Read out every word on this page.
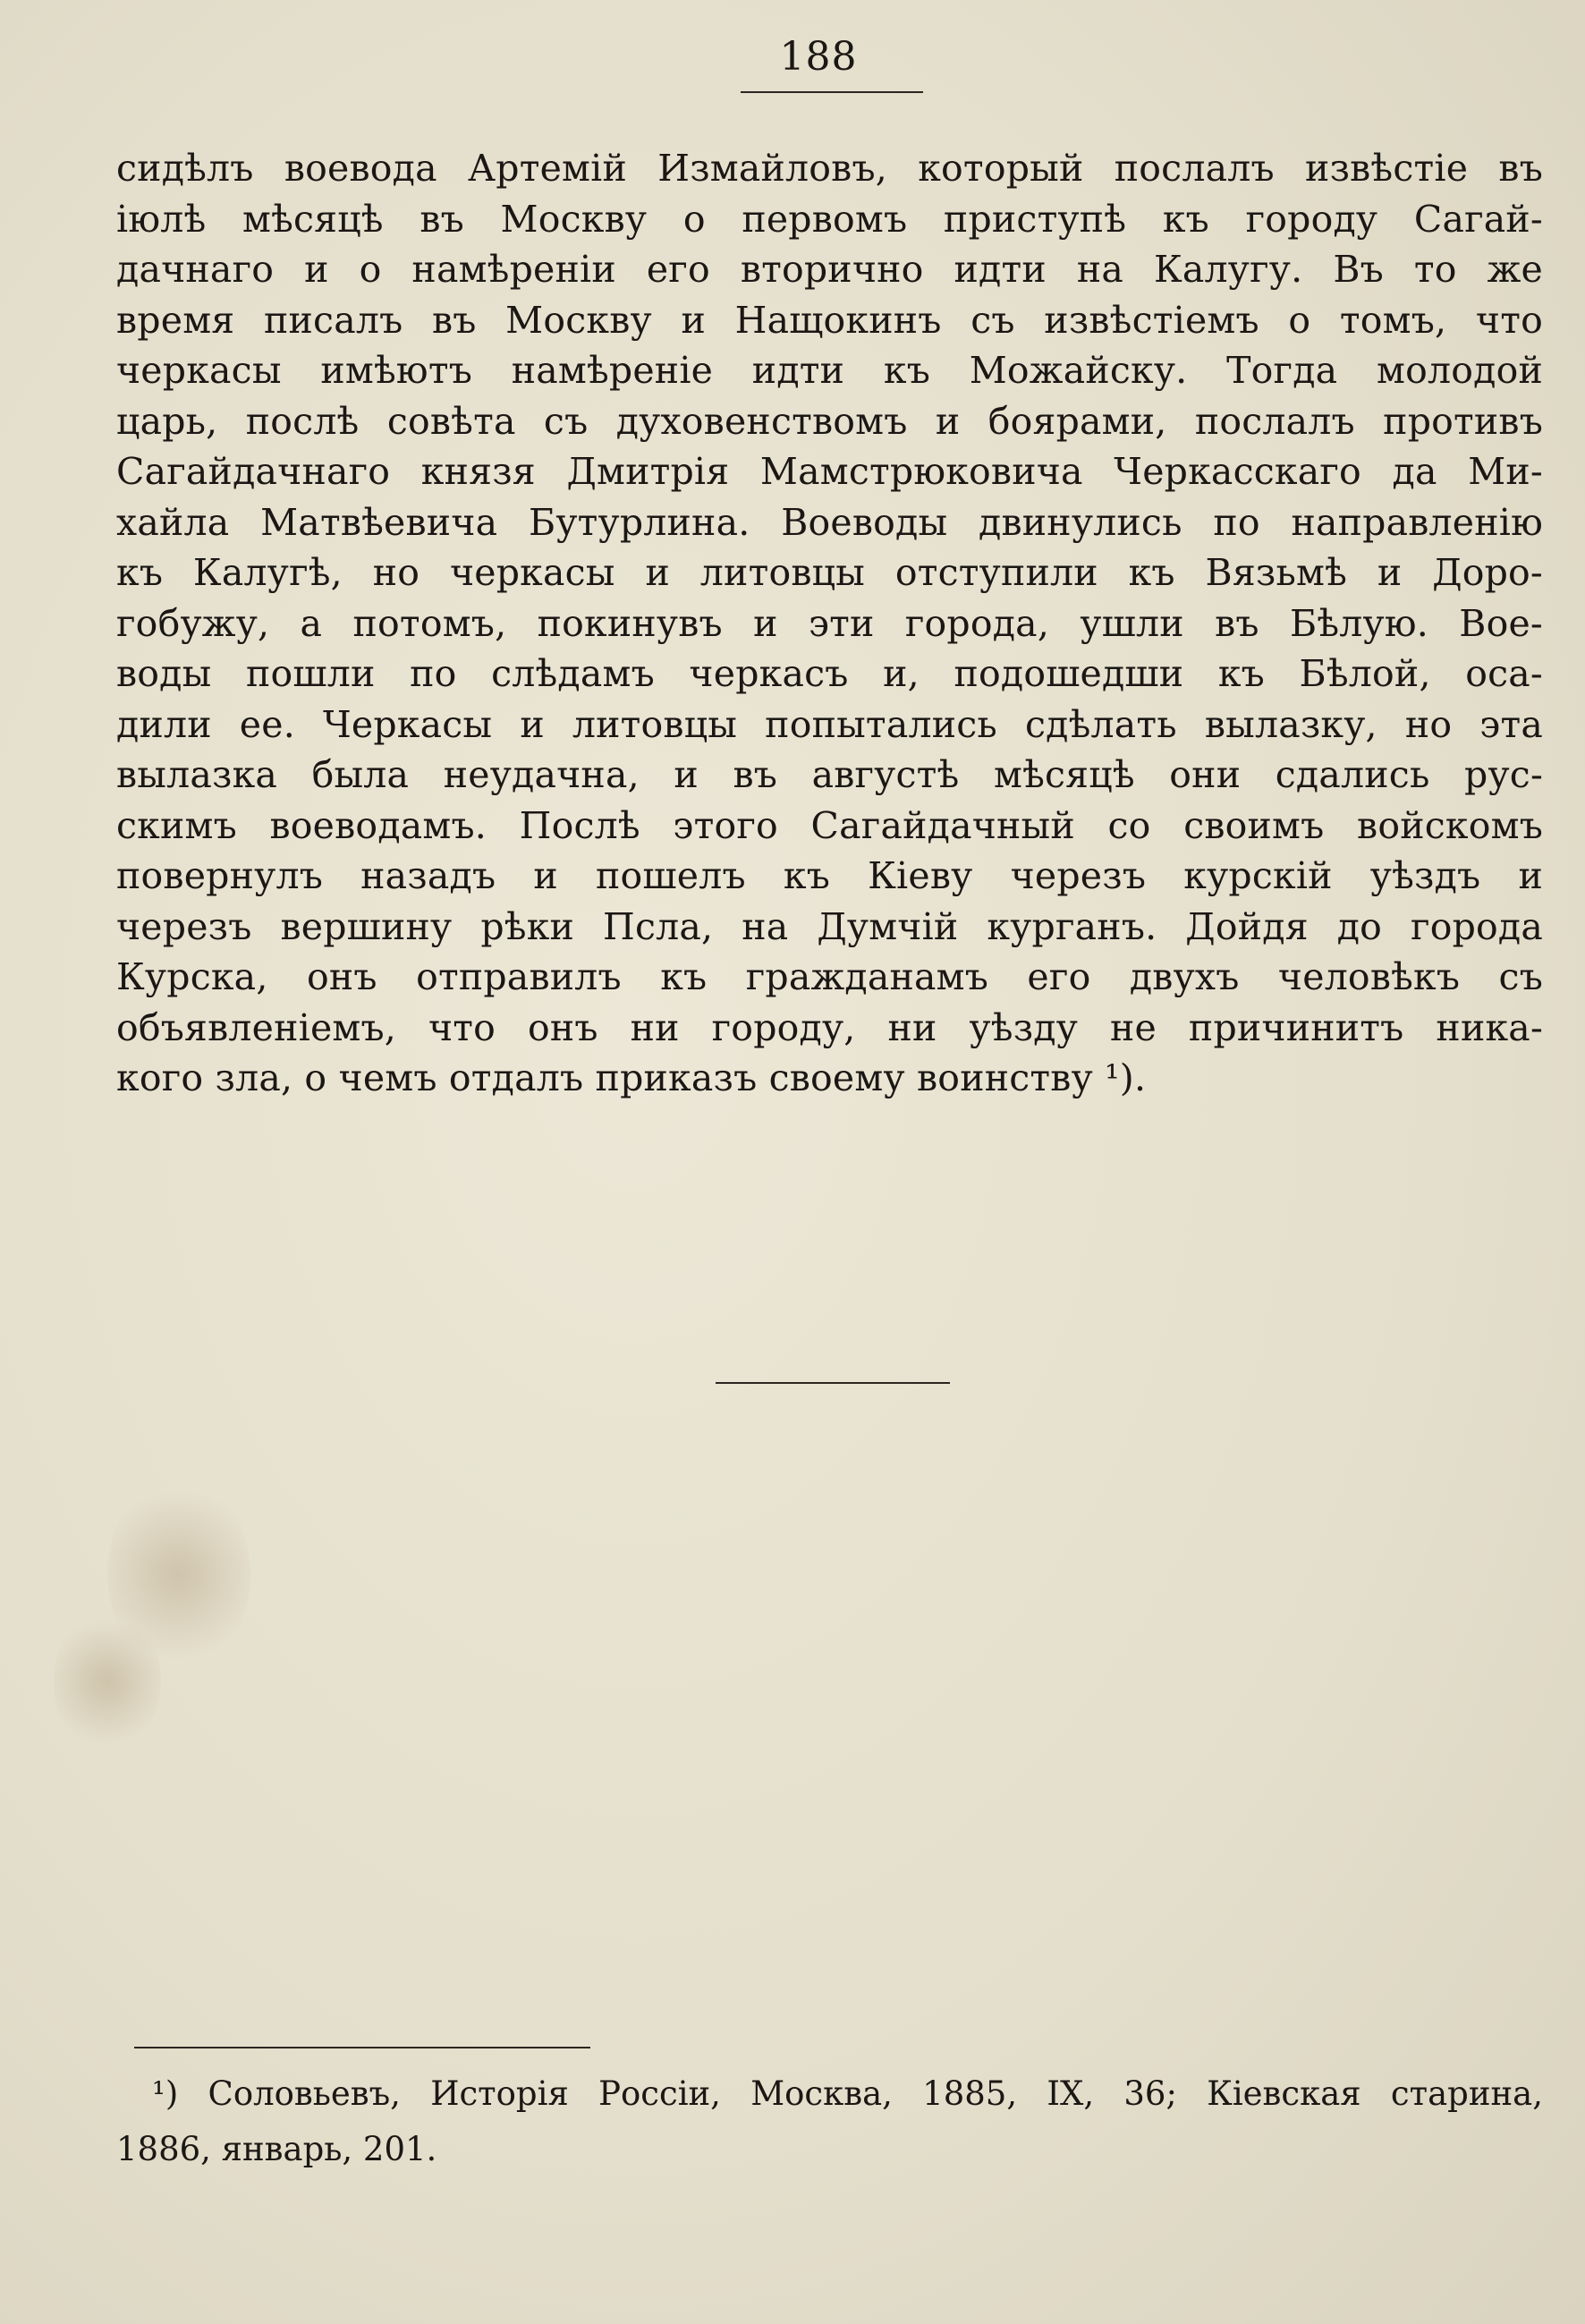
188
сидѣлъ воевода Артемій Измайловъ, который послалъ извѣстіе въ
іюлѣ мѣсяцѣ въ Москву о первомъ приступѣ къ городу Сагай-
дачнаго и о намѣреніи его вторично идти на Калугу. Въ то же
время писалъ въ Москву и Нащокинъ съ извѣстіемъ о томъ, что
черкасы имѣютъ намѣреніе идти къ Можайску. Тогда молодой
царь, послѣ совѣта съ духовенствомъ и боярами, послалъ противъ
Сагайдачнаго князя Дмитрія Мамстрюковича Черкасскаго да Ми-
хайла Матвѣевича Бутурлина. Воеводы двинулись по направленію
къ Калугѣ, но черкасы и литовцы отступили къ Вязьмѣ и Доро-
гобужу, а потомъ, покинувъ и эти города, ушли въ Бѣлую. Вое-
воды пошли по слѣдамъ черкасъ и, подошедши къ Бѣлой, оса-
дили ее. Черкасы и литовцы попытались сдѣлать вылазку, но эта
вылазка была неудачна, и въ августѣ мѣсяцѣ они сдались рус-
скимъ воеводамъ. Послѣ этого Сагайдачный со своимъ войскомъ
повернулъ назадъ и пошелъ къ Кіеву черезъ курскій уѣздъ и
черезъ вершину рѣки Псла, на Думчій курганъ. Дойдя до города
Курска, онъ отправилъ къ гражданамъ его двухъ человѣкъ съ
объявленіемъ, что онъ ни городу, ни уѣзду не причинитъ ника-
кого зла, о чемъ отдалъ приказъ своему воинству ¹).
¹) Соловьевъ, Исторія Россіи, Москва, 1885, IX, 36; Кіевская старина,
1886, январь, 201.
